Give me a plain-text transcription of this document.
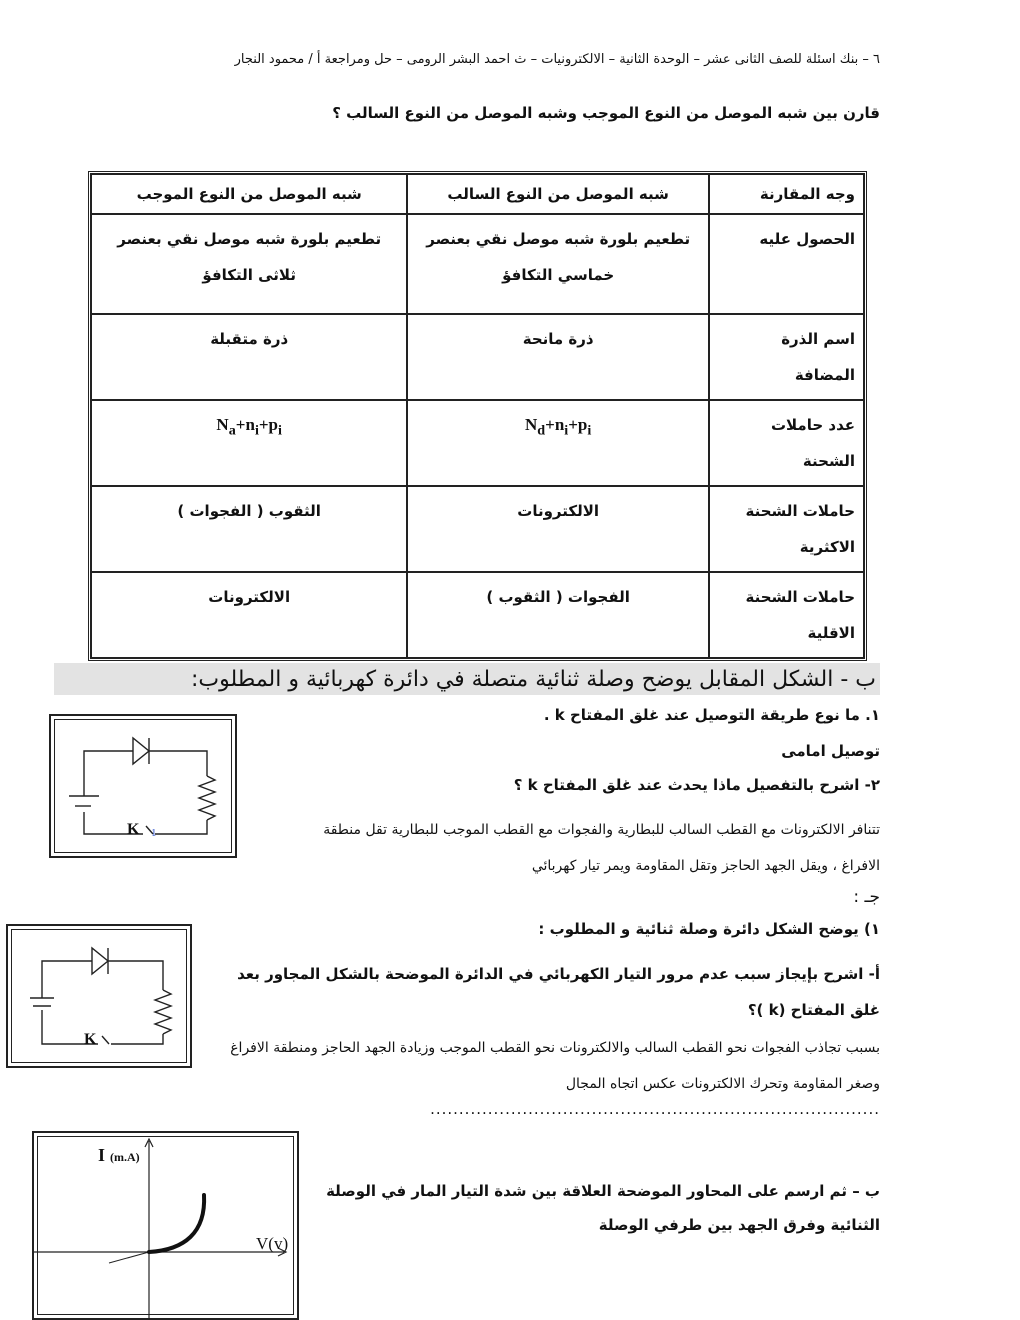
٦ – بنك اسئلة للصف الثانى عشر – الوحدة الثانية – الالكترونيات – ث احمد البشر الرومى – حل ومراجعة أ / محمود النجار
قارن بين شبه الموصل من النوع الموجب وشبه الموصل من النوع السالب ؟
وجه المقارنة	شبه الموصل من النوع السالب	شبه الموصل من النوع الموجب
الحصول عليه	تطعيم بلورة شبه موصل نقي بعنصر خماسي التكافؤ	تطعيم بلورة شبه موصل نقي بعنصر ثلاثى التكافؤ
اسم الذرة المضافة	ذرة مانحة	ذرة متقبلة
عدد حاملات الشحنة	$N_d+n_i+p_i$	$N_a+n_i+p_i$
حاملات الشحنة الاكثرية	الالكترونات	الثقوب ( الفجوات )
حاملات الشحنة الاقلية	الفجوات ( الثقوب )	الالكترونات
ب - الشكل المقابل يوضح وصلة ثنائية متصلة في دائرة كهربائية و المطلوب:
K 1
١. ما نوع طريقة التوصيل عند غلق المفتاح k .
توصيل امامى
٢- اشرح بالتفصيل ماذا يحدث عند غلق المفتاح k ؟
تتنافر الالكترونات مع القطب السالب للبطارية والفجوات مع القطب الموجب للبطارية تقل منطقة الافراغ ، ويقل الجهد الحاجز وتقل المقاومة ويمر تيار كهربائي
جـ :
١) يوضح الشكل دائرة وصلة ثنائية و المطلوب :
K
أ- اشرح بإيجاز سبب عدم مرور التيار الكهربائي في الدائرة الموضحة بالشكل المجاور بعد غلق المفتاح (k )؟
بسبب تجاذب الفجوات نحو القطب السالب والالكترونات نحو القطب الموجب وزيادة الجهد الحاجز ومنطقة الافراغ وصغر المقاومة وتحرك الالكترونات عكس اتجاه المجال
..............................................................................
I (m.A)
V(v)
ب – ثم ارسم على المحاور الموضحة العلاقة بين شدة التيار المار في الوصلة الثنائية وفرق الجهد بين طرفي الوصلة
